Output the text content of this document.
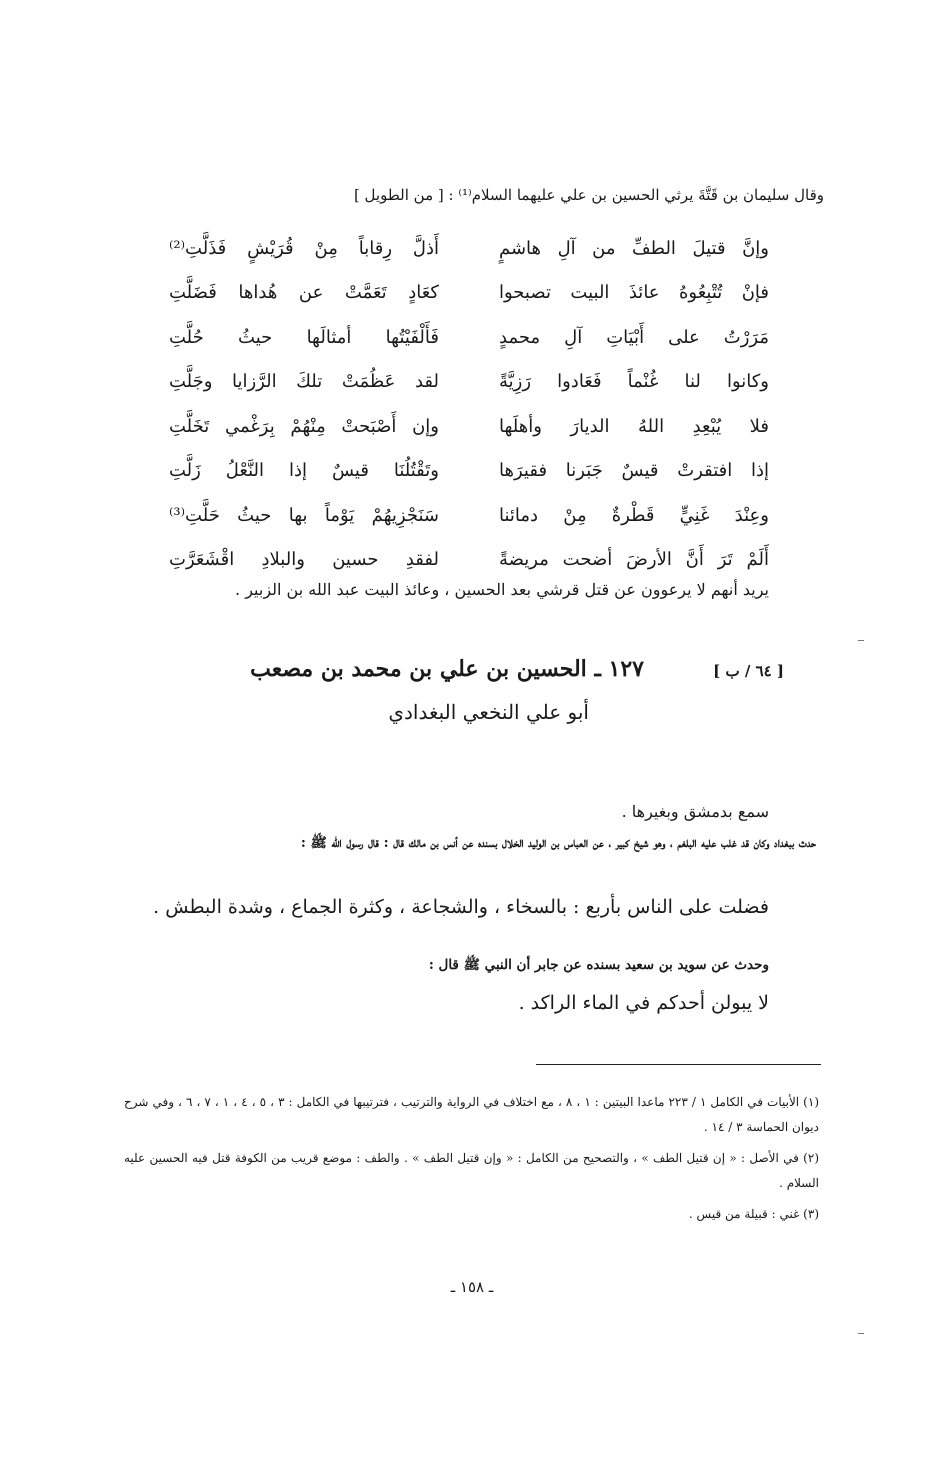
وقال سليمان بن قَتَّةَ يرثي الحسين بن علي عليهما السلام⁽¹⁾ : [ من الطويل ]
وإنَّ قتيلَ الطفِّ من آلِ هاشمٍ
أَذلَّ رِقاباً مِنْ قُرَيْشٍ فَذَلَّتِ⁽²⁾
فإنْ تُتْبِعُوهُ عائذَ البيت تصبحوا
كعَادٍ تَعَمَّتْ عن هُداها فَضَلَّتِ
مَرَرْتُ على أَبْيَاتِ آلِ محمدٍ
فَأَلْفَيْتُها أمثالَها حيثُ حُلَّتِ
وكانوا لنا غُنْماً فَعَادوا رَزِيَّةً
لقد عَظُمَتْ تلكَ الرَّزايا وجَلَّتِ
فلا يُبْعِدِ اللهُ الديارَ وأهلَها
وإن أَصْبَحتْ مِنْهُمْ بِرَغْمي تَخَلَّتِ
إذا افتقرتْ قيسٌ جَبَرنا فقيرَها
وتَقْتُلُنَا قيسٌ إذا النَّعْلُ زَلَّتِ
وعِنْدَ غَنِيٍّ قَطْرةٌ مِنْ دمائنا
سَنَجْزِيهُمْ يَوْماً بها حيثُ حَلَّتِ⁽³⁾
أَلَمْ تَرَ أَنَّ الأرضَ أضحت مريضةً
لفقدِ حسين والبلادِ اقْشَعَرَّتِ
يريد أنهم لا يرعوون عن قتل قرشي بعد الحسين ، وعائذ البيت عبد الله بن الزبير .
[ ٦٤ / ب ]
١٢٧ ـ الحسين بن علي بن محمد بن مصعب
أبو علي النخعي البغدادي
سمع بدمشق وبغيرها .
حدث ببغداد وكان قد غلب عليه البلغم ، وهو شيخ كبير ، عن العباس بن الوليد الخلال بسنده عن أنس بن مالك قال : قال رسول الله ﷺ :
فضلت على الناس بأربع : بالسخاء ، والشجاعة ، وكثرة الجماع ، وشدة البطش .
وحدث عن سويد بن سعيد بسنده عن جابر أن النبي ﷺ قال :
لا يبولن أحدكم في الماء الراكد .

(١) الأبيات في الكامل ١ / ٢٢٣ ماعدا البيتين : ١ ، ٨ ، مع اختلاف في الرواية والترتيب ، فترتيبها في الكامل : ٣ ، ٥ ، ٤ ، ١ ، ٧ ، ٦ ، وفي شرح ديوان الحماسة ٣ / ١٤ .

(٢) في الأصل : « إن قتيل الطف » ، والتصحيح من الكامل : « وإن قتيل الطف » . والطف : موضع قريب من الكوفة قتل فيه الحسين عليه السلام .

(٣) غني : قبيلة من قيس .

ـ ١٥٨ ـ
